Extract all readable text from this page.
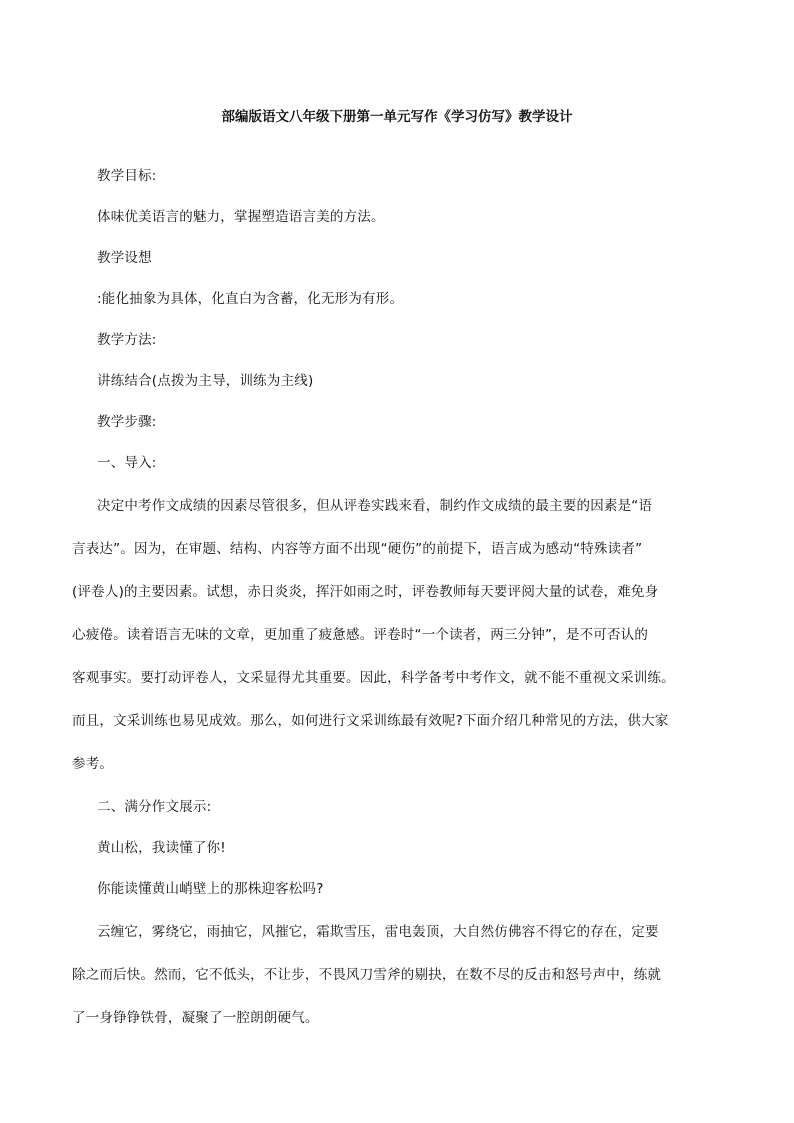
部编版语文八年级下册第一单元写作《学习仿写》教学设计
教学目标:
体味优美语言的魅力，掌握塑造语言美的方法。
教学设想
:能化抽象为具体，化直白为含蓄，化无形为有形。
教学方法:
讲练结合(点拨为主导，训练为主线)
教学步骤:
一、导入:
决定中考作文成绩的因素尽管很多，但从评卷实践来看，制约作文成绩的最主要的因素是“语
言表达”。因为，在审题、结构、内容等方面不出现“硬伤”的前提下，语言成为感动“特殊读者”
(评卷人)的主要因素。试想，赤日炎炎，挥汗如雨之时，评卷教师每天要评阅大量的试卷，难免身
心疲倦。读着语言无味的文章，更加重了疲惫感。评卷时“一个读者，两三分钟”，是不可否认的
客观事实。要打动评卷人，文采显得尤其重要。因此，科学备考中考作文，就不能不重视文采训练。
而且，文采训练也易见成效。那么，如何进行文采训练最有效呢?下面介绍几种常见的方法，供大家
参考。
二、满分作文展示:
黄山松，我读懂了你!
你能读懂黄山峭壁上的那株迎客松吗?
云缠它，雾绕它，雨抽它，风摧它，霜欺雪压，雷电轰顶，大自然仿佛容不得它的存在，定要
除之而后快。然而，它不低头，不让步，不畏风刀雪斧的剔抉，在数不尽的反击和怒号声中，练就
了一身铮铮铁骨，凝聚了一腔朗朗硬气。
